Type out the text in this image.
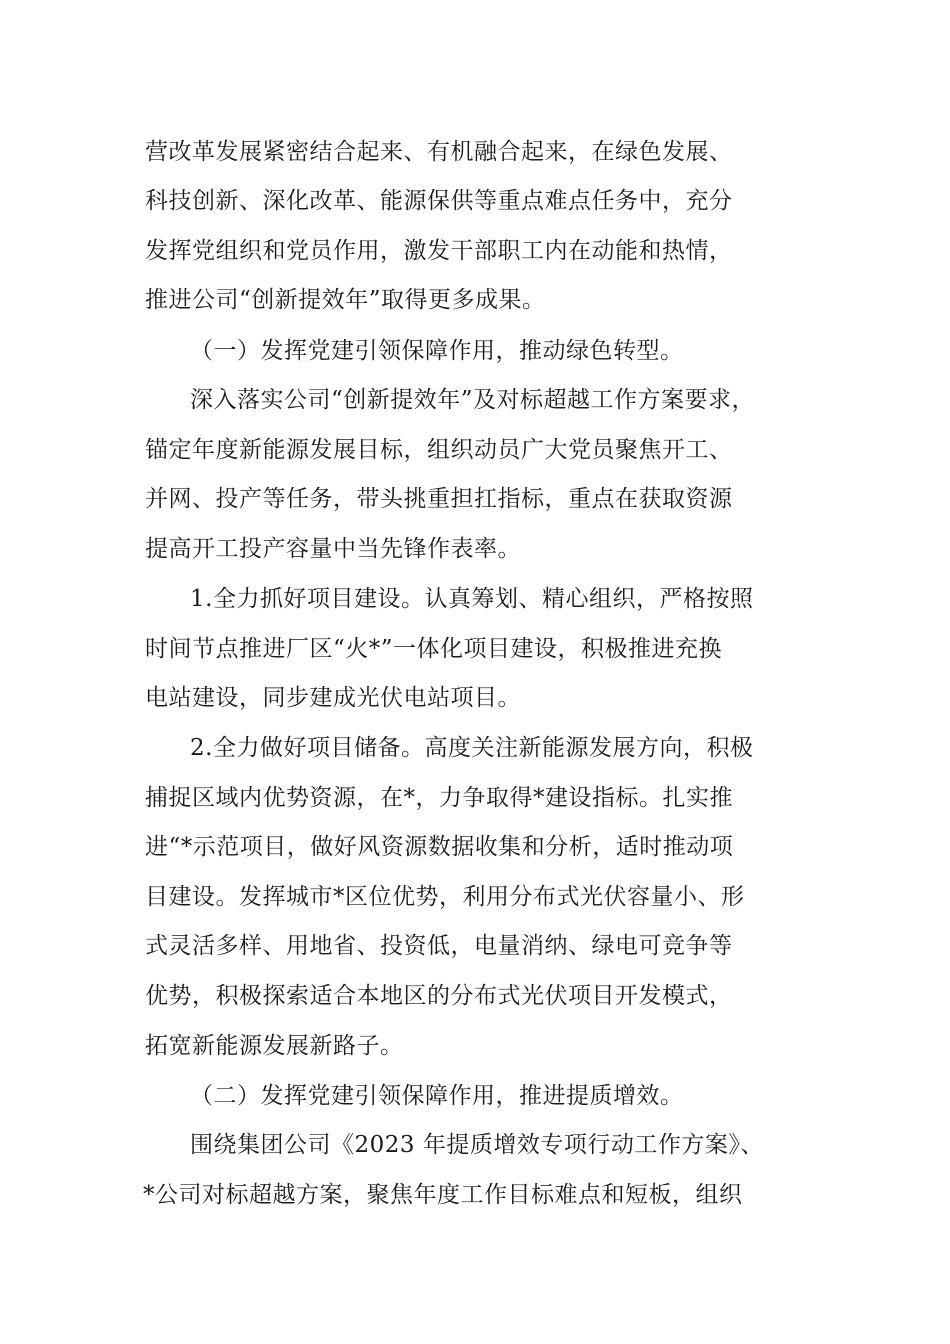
营改革发展紧密结合起来、有机融合起来，在绿色发展、
科技创新、深化改革、能源保供等重点难点任务中，充分
发挥党组织和党员作用，激发干部职工内在动能和热情，
推进公司“创新提效年”取得更多成果。
（一）发挥党建引领保障作用，推动绿色转型。
深入落实公司“创新提效年”及对标超越工作方案要求，
锚定年度新能源发展目标，组织动员广大党员聚焦开工、
并网、投产等任务，带头挑重担扛指标，重点在获取资源
提高开工投产容量中当先锋作表率。
1.全力抓好项目建设。认真筹划、精心组织，严格按照
时间节点推进厂区“火*”一体化项目建设，积极推进充换
电站建设，同步建成光伏电站项目。
2.全力做好项目储备。高度关注新能源发展方向，积极
捕捉区域内优势资源，在*，力争取得*建设指标。扎实推
进“*示范项目，做好风资源数据收集和分析，适时推动项
目建设。发挥城市*区位优势，利用分布式光伏容量小、形
式灵活多样、用地省、投资低，电量消纳、绿电可竞争等
优势，积极探索适合本地区的分布式光伏项目开发模式，
拓宽新能源发展新路子。
（二）发挥党建引领保障作用，推进提质增效。
围绕集团公司《2023 年提质增效专项行动工作方案》、
*公司对标超越方案，聚焦年度工作目标难点和短板，组织
